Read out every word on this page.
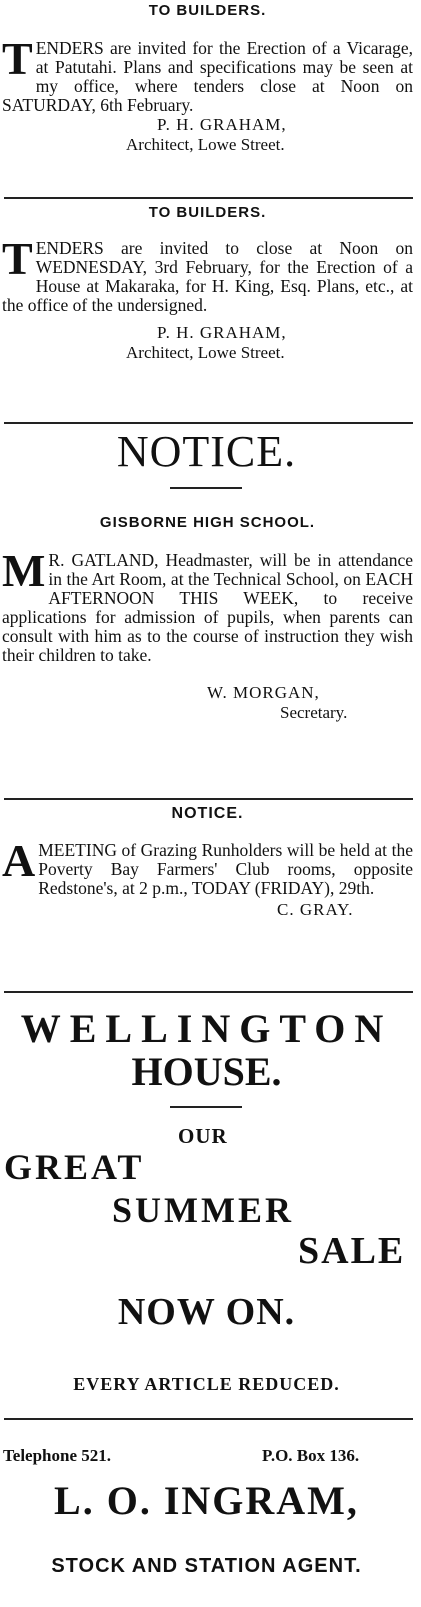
TO BUILDERS.
T ENDERS are invited for the Erection of a Vicarage, at Patutahi. Plans and specifications may be seen at my office, where tenders close at Noon on SATURDAY, 6th February.
P. H. GRAHAM,
Architect, Lowe Street.
TO BUILDERS.
T ENDERS are invited to close at Noon on WEDNESDAY, 3rd February, for the Erection of a House at Makaraka, for H. King, Esq. Plans, etc., at the office of the undersigned.
P. H. GRAHAM,
Architect, Lowe Street.
NOTICE.
GISBORNE HIGH SCHOOL.
M R. GATLAND, Headmaster, will be in attendance in the Art Room, at the Technical School, on EACH AFTERNOON THIS WEEK, to receive applications for admission of pupils, when parents can consult with him as to the course of instruction they wish their children to take.
W. MORGAN,
Secretary.
NOTICE.
A MEETING of Grazing Runholders will be held at the Poverty Bay Farmers' Club rooms, opposite Redstone's, at 2 p.m., TODAY (FRIDAY), 29th.
C. GRAY.
WELLINGTON
HOUSE.
OUR
GREAT
SUMMER
SALE
NOW ON.
EVERY ARTICLE REDUCED.
Telephone 521.	P.O. Box 136.
L. O. INGRAM,
STOCK AND STATION AGENT.
